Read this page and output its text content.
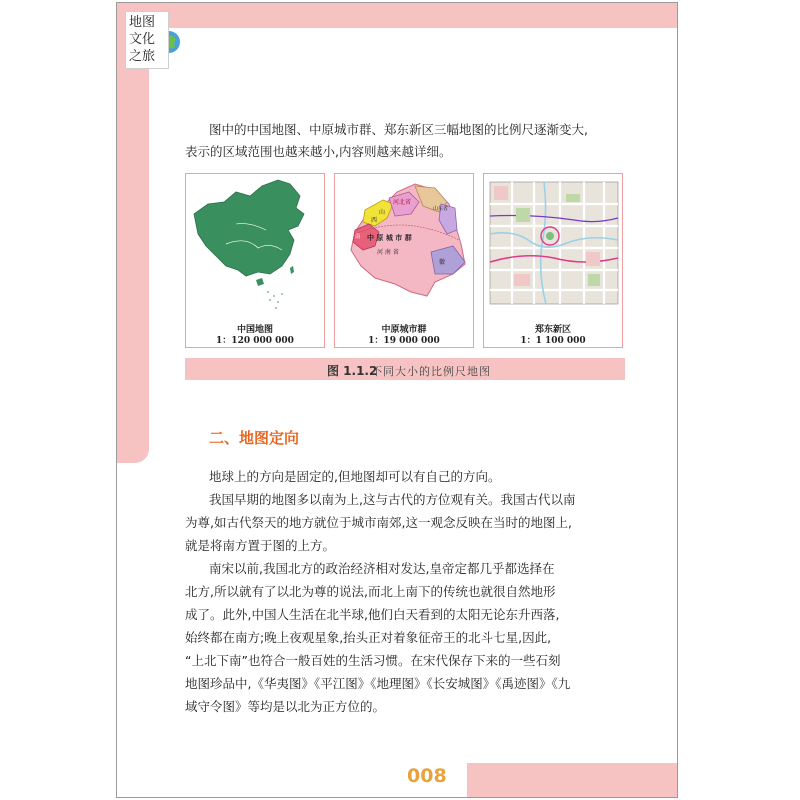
地图
文化
之旅

图中的中国地图、中原城市群、郑东新区三幅地图的比例尺逐渐变大,

表示的区域范围也越来越小,内容则越来越详细。

中国地图
1：120 000 000
河北省
山
西
山东省
中 原 城 市 群
河 南 省
南
徽
中原城市群
1：19 000 000
郑东新区
1：1 100 000
图 1.1.2
不同大小的比例尺地图
二、地图定向

地球上的方向是固定的,但地图却可以有自己的方向。

我国早期的地图多以南为上,这与古代的方位观有关。我国古代以南

为尊,如古代祭天的地方就位于城市南郊,这一观念反映在当时的地图上,

就是将南方置于图的上方。

南宋以前,我国北方的政治经济相对发达,皇帝定都几乎都选择在

北方,所以就有了以北为尊的说法,而北上南下的传统也就很自然地形

成了。此外,中国人生活在北半球,他们白天看到的太阳无论东升西落,

始终都在南方;晚上夜观星象,抬头正对着象征帝王的北斗七星,因此,

“上北下南”也符合一般百姓的生活习惯。在宋代保存下来的一些石刻

地图珍品中,《华夷图》《平江图》《地理图》《长安城图》《禹迹图》《九

域守令图》等均是以北为正方位的。

008
